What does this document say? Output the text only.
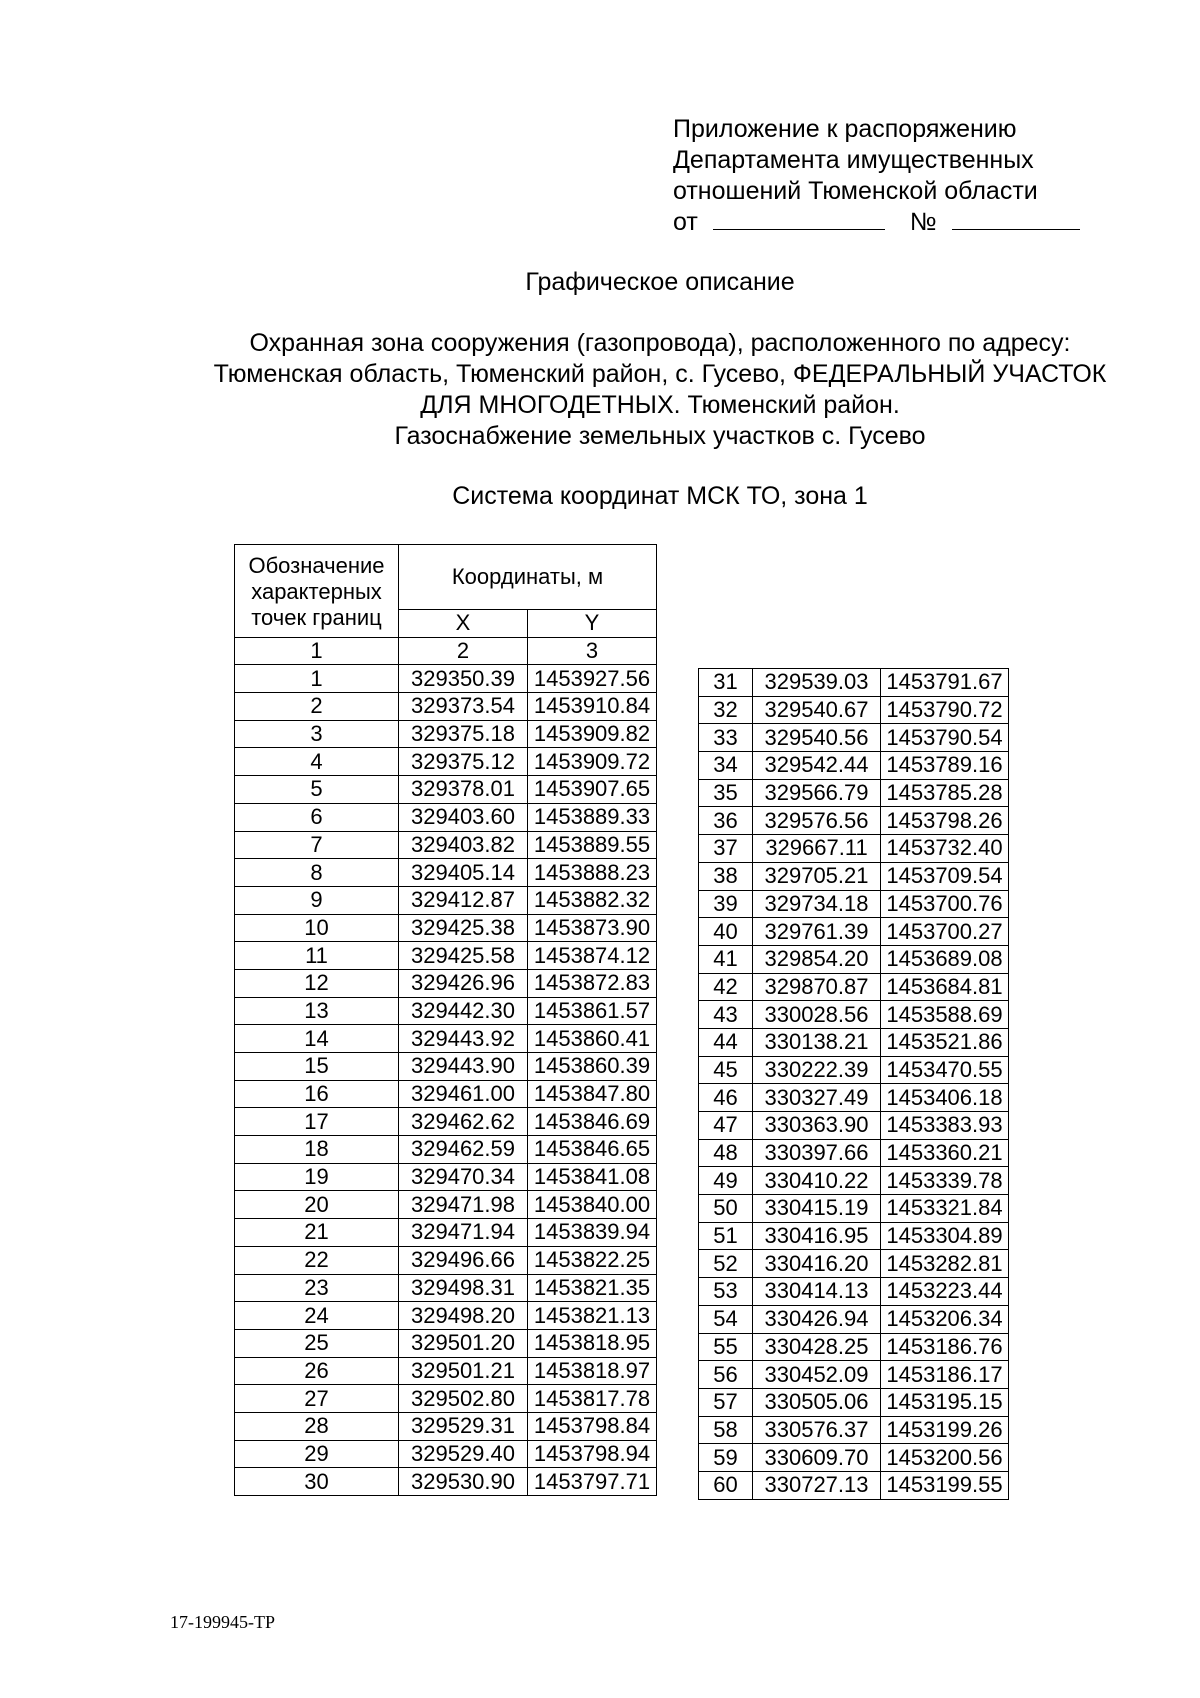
Приложение к распоряжению
Департамента имущественных
отношений Тюменской области
от	№
Графическое описание
Охранная зона сооружения (газопровода), расположенного по адресу:
Тюменская область, Тюменский район, с. Гусево, ФЕДЕРАЛЬНЫЙ УЧАСТОК
ДЛЯ МНОГОДЕТНЫХ. Тюменский район.
Газоснабжение земельных участков с. Гусево
Система координат МСК ТО, зона 1
Обозначение характерных точек границ	Координаты, м	
	X	Y
1	2	3
1	329350.39	1453927.56
2	329373.54	1453910.84
3	329375.18	1453909.82
4	329375.12	1453909.72
5	329378.01	1453907.65
6	329403.60	1453889.33
7	329403.82	1453889.55
8	329405.14	1453888.23
9	329412.87	1453882.32
10	329425.38	1453873.90
11	329425.58	1453874.12
12	329426.96	1453872.83
13	329442.30	1453861.57
14	329443.92	1453860.41
15	329443.90	1453860.39
16	329461.00	1453847.80
17	329462.62	1453846.69
18	329462.59	1453846.65
19	329470.34	1453841.08
20	329471.98	1453840.00
21	329471.94	1453839.94
22	329496.66	1453822.25
23	329498.31	1453821.35
24	329498.20	1453821.13
25	329501.20	1453818.95
26	329501.21	1453818.97
27	329502.80	1453817.78
28	329529.31	1453798.84
29	329529.40	1453798.94
30	329530.90	1453797.71
31	329539.03	1453791.67
32	329540.67	1453790.72
33	329540.56	1453790.54
34	329542.44	1453789.16
35	329566.79	1453785.28
36	329576.56	1453798.26
37	329667.11	1453732.40
38	329705.21	1453709.54
39	329734.18	1453700.76
40	329761.39	1453700.27
41	329854.20	1453689.08
42	329870.87	1453684.81
43	330028.56	1453588.69
44	330138.21	1453521.86
45	330222.39	1453470.55
46	330327.49	1453406.18
47	330363.90	1453383.93
48	330397.66	1453360.21
49	330410.22	1453339.78
50	330415.19	1453321.84
51	330416.95	1453304.89
52	330416.20	1453282.81
53	330414.13	1453223.44
54	330426.94	1453206.34
55	330428.25	1453186.76
56	330452.09	1453186.17
57	330505.06	1453195.15
58	330576.37	1453199.26
59	330609.70	1453200.56
60	330727.13	1453199.55
17-199945-ТР
